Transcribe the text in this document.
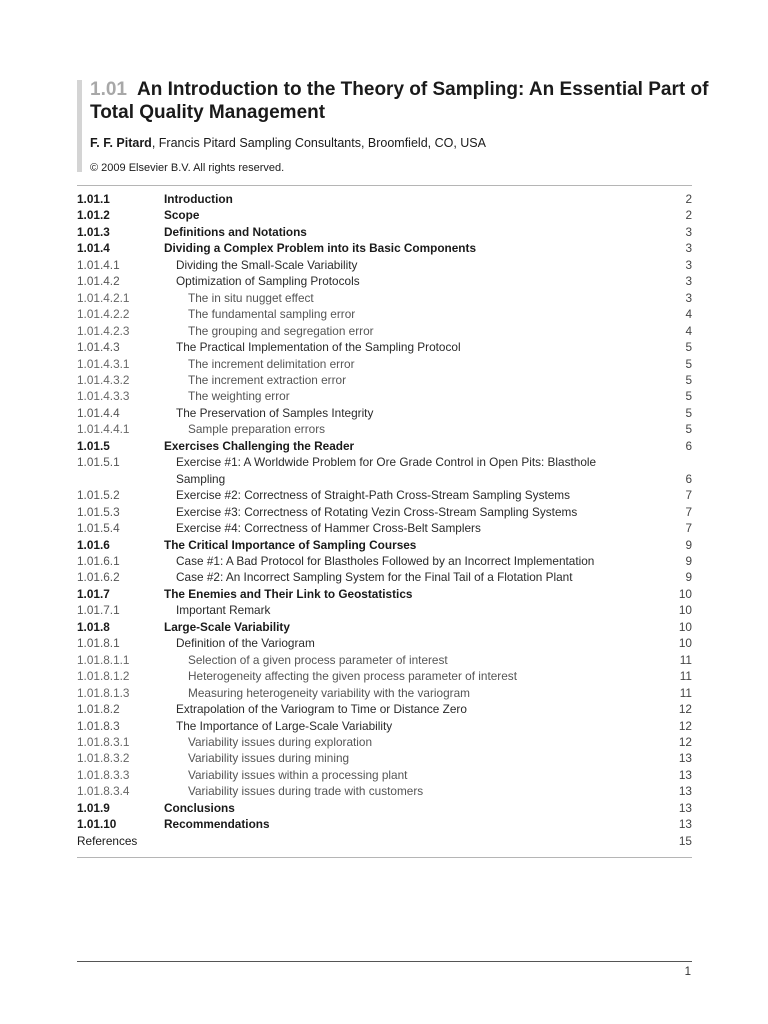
1.01 An Introduction to the Theory of Sampling: An Essential Part of Total Quality Management
F. F. Pitard, Francis Pitard Sampling Consultants, Broomfield, CO, USA
© 2009 Elsevier B.V. All rights reserved.
1.01.1	Introduction	2
1.01.2	Scope	2
1.01.3	Definitions and Notations	3
1.01.4	Dividing a Complex Problem into its Basic Components	3
1.01.4.1	Dividing the Small-Scale Variability	3
1.01.4.2	Optimization of Sampling Protocols	3
1.01.4.2.1	The in situ nugget effect	3
1.01.4.2.2	The fundamental sampling error	4
1.01.4.2.3	The grouping and segregation error	4
1.01.4.3	The Practical Implementation of the Sampling Protocol	5
1.01.4.3.1	The increment delimitation error	5
1.01.4.3.2	The increment extraction error	5
1.01.4.3.3	The weighting error	5
1.01.4.4	The Preservation of Samples Integrity	5
1.01.4.4.1	Sample preparation errors	5
1.01.5	Exercises Challenging the Reader	6
1.01.5.1	Exercise #1: A Worldwide Problem for Ore Grade Control in Open Pits: Blasthole
Sampling	6
1.01.5.2	Exercise #2: Correctness of Straight-Path Cross-Stream Sampling Systems	7
1.01.5.3	Exercise #3: Correctness of Rotating Vezin Cross-Stream Sampling Systems	7
1.01.5.4	Exercise #4: Correctness of Hammer Cross-Belt Samplers	7
1.01.6	The Critical Importance of Sampling Courses	9
1.01.6.1	Case #1: A Bad Protocol for Blastholes Followed by an Incorrect Implementation	9
1.01.6.2	Case #2: An Incorrect Sampling System for the Final Tail of a Flotation Plant	9
1.01.7	The Enemies and Their Link to Geostatistics	10
1.01.7.1	Important Remark	10
1.01.8	Large-Scale Variability	10
1.01.8.1	Definition of the Variogram	10
1.01.8.1.1	Selection of a given process parameter of interest	11
1.01.8.1.2	Heterogeneity affecting the given process parameter of interest	11
1.01.8.1.3	Measuring heterogeneity variability with the variogram	11
1.01.8.2	Extrapolation of the Variogram to Time or Distance Zero	12
1.01.8.3	The Importance of Large-Scale Variability	12
1.01.8.3.1	Variability issues during exploration	12
1.01.8.3.2	Variability issues during mining	13
1.01.8.3.3	Variability issues within a processing plant	13
1.01.8.3.4	Variability issues during trade with customers	13
1.01.9	Conclusions	13
1.01.10	Recommendations	13
References	15
1
